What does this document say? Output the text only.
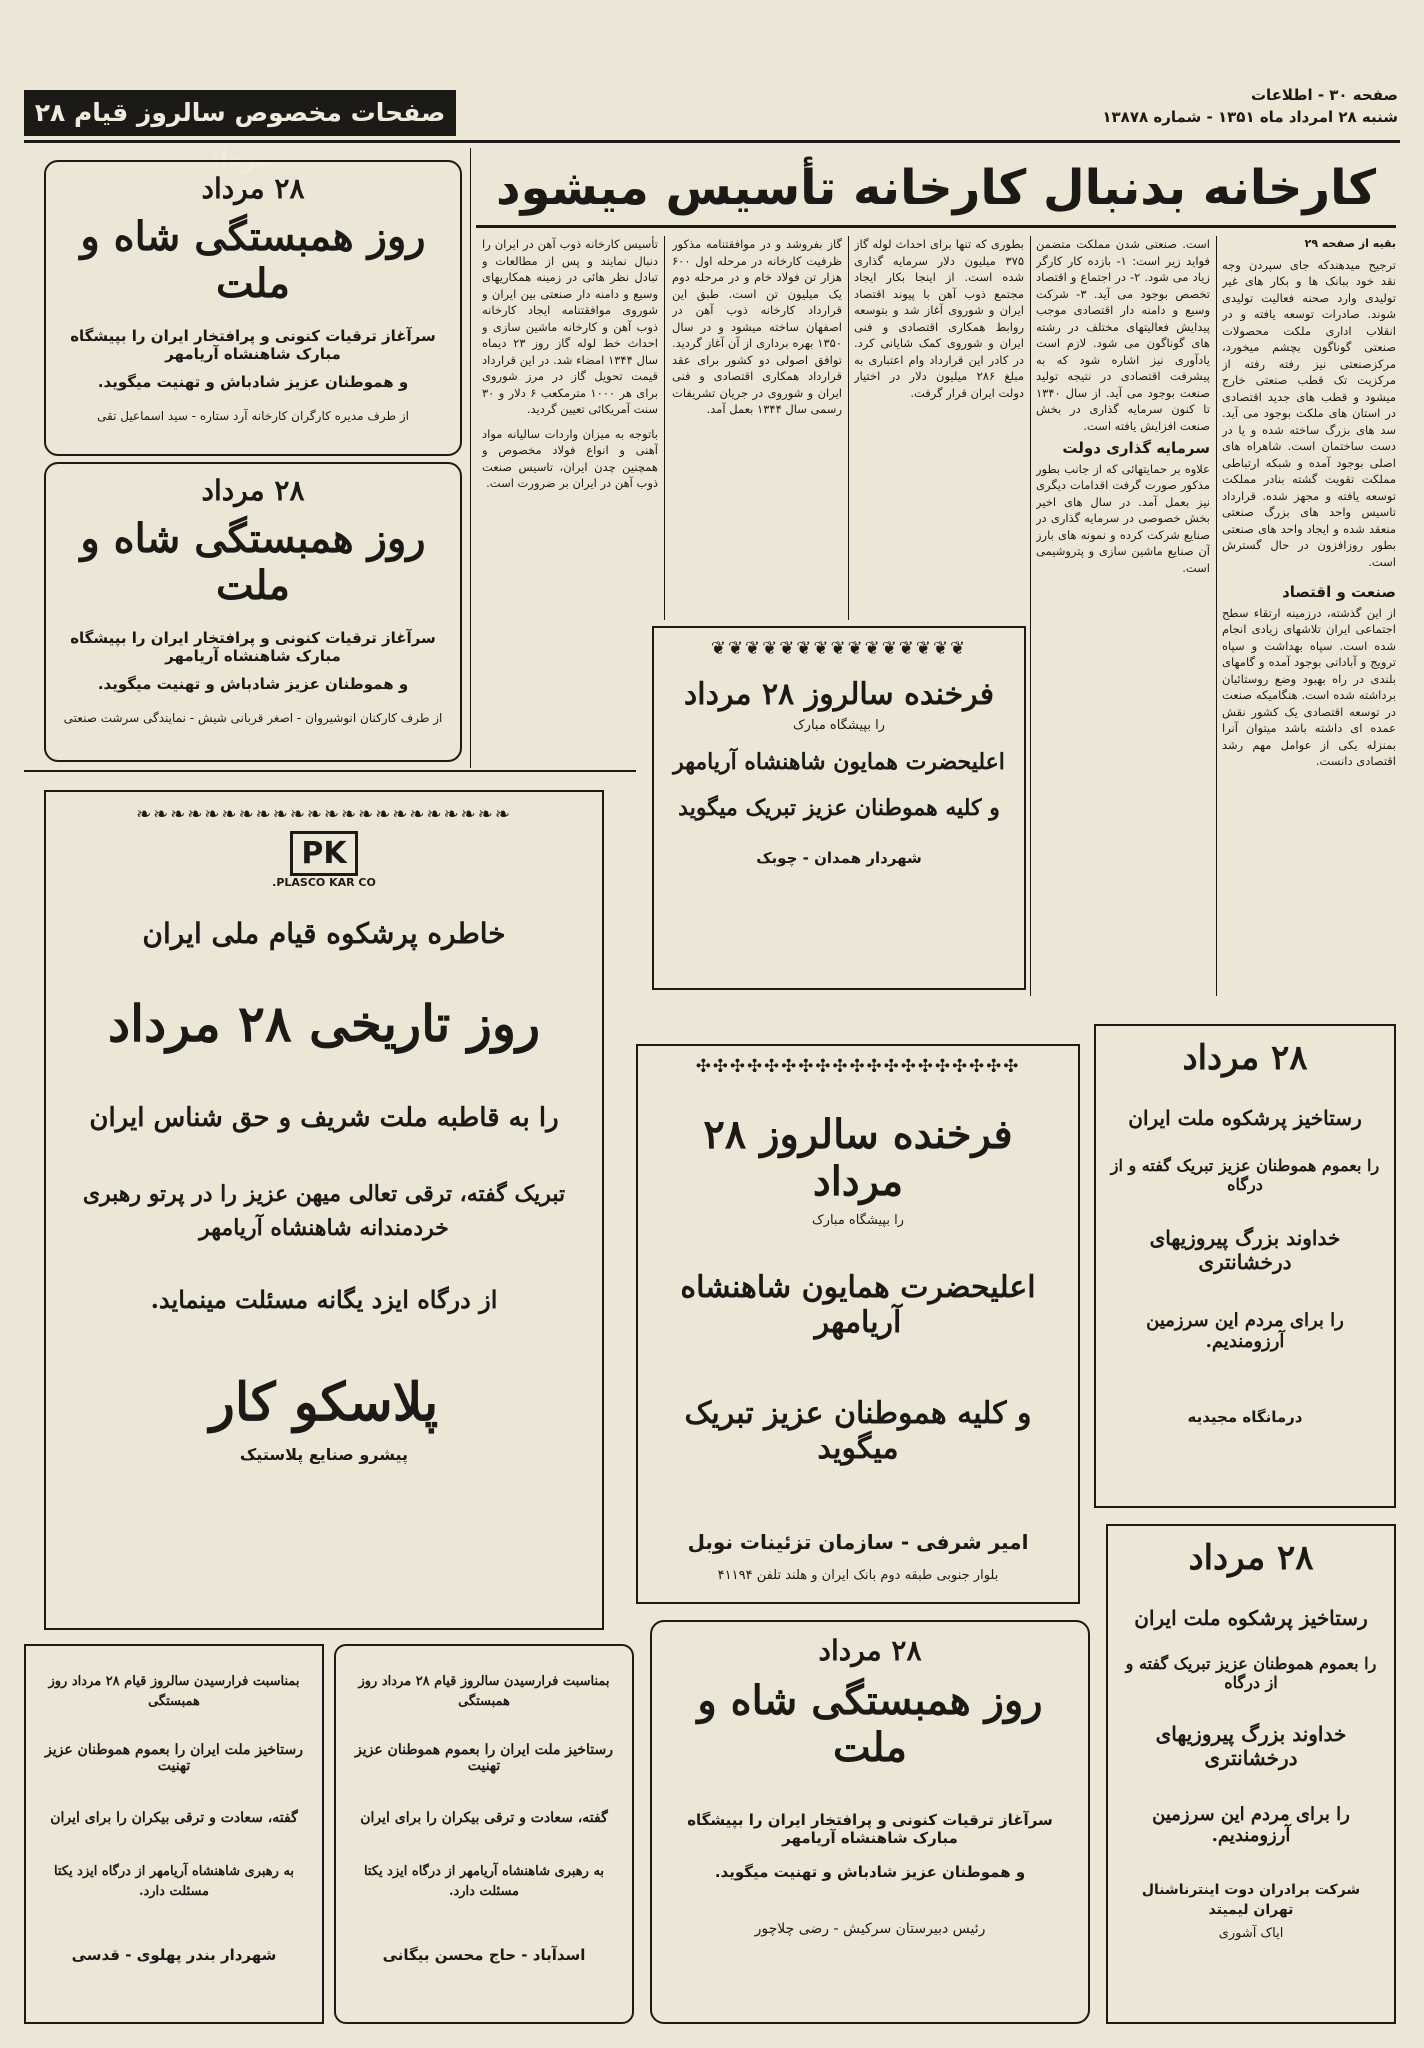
صفحات مخصوص سالروز قیام ۲۸ مرداد
صفحه ۳۰ - اطلاعات
شنبه ۲۸ امرداد ماه ۱۳۵۱ - شماره ۱۳۸۷۸
کارخانه بدنبال کارخانه تأسیس میشود
بقیه از صفحه ۲۹
ترجیح میدهندکه جای سپردن وجه نقد خود ببانک ها و بکار های غیر تولیدی وارد صحنه فعالیت تولیدی شوند. صادرات توسعه یافته و در انقلاب اداری ملکت محصولات صنعتی گوناگون بچشم میخورد، مرکزصنعتی نیز رفته رفته از مرکزیت تک قطب صنعتی خارج میشود و قطب های جدید اقتصادی در استان های ملکت بوجود می آید. سد های بزرگ ساخته شده و یا در دست ساختمان است. شاهراه های اصلی بوجود آمده و شبکه ارتباطی مملکت تقویت گشته بنادر مملکت توسعه یافته و مجهز شده. قرارداد تاسیس واحد های بزرگ صنعتی منعقد شده و ایجاد واحد های صنعتی بطور روزافزون در حال گسترش است.
صنعت و اقتصاد
از این گذشته، درزمینه ارتقاء سطح اجتماعی ایران تلاشهای زیادی انجام شده است. سپاه بهداشت و سپاه ترویج و آبادانی بوجود آمده و گامهای بلندی در راه بهبود وضع روستائیان برداشته شده است. هنگامیکه صنعت در توسعه اقتصادی یک کشور نقش عمده ای داشته باشد میتوان آنرا بمنزله یکی از عوامل مهم رشد اقتصادی دانست.
است. صنعتی شدن مملکت متضمن فواید زیر است: ۱- بازده کار کارگر زیاد می شود. ۲- در اجتماع و اقتصاد تخصص بوجود می آید. ۳- شرکت وسیع و دامنه دار اقتصادی موجب پیدایش فعالیتهای مختلف در رشته های گوناگون می شود. لازم است یادآوری نیز اشاره شود که به پیشرفت اقتصادی در نتیجه تولید صنعت بوجود می آید. از سال ۱۳۴۰ تا کنون سرمایه گذاری در بخش صنعت افزایش یافته است.
سرمایه گذاری دولت
علاوه بر حمایتهائی که از جانب بطور مذکور صورت گرفت اقدامات دیگری نیز بعمل آمد. در سال های اخیر بخش خصوصی در سرمایه گذاری در صنایع شرکت کرده و نمونه های بارز آن صنایع ماشین سازی و پتروشیمی است.
بطوری که تنها برای احداث لوله گاز ۳۷۵ میلیون دلار سرمایه گذاری شده است. از اینجا بکار ایجاد مجتمع ذوب آهن با پیوند اقتصاد ایران و شوروی آغاز شد و بتوسعه روابط همکاری اقتصادی و فنی ایران و شوروی کمک شایانی کرد. در کادر این قرارداد وام اعتباری به مبلغ ۲۸۶ میلیون دلار در اختیار دولت ایران قرار گرفت.
گاز بفروشد و در موافقتنامه مذکور ظرفیت کارخانه در مرحله اول ۶۰۰ هزار تن فولاد خام و در مرحله دوم یک میلیون تن است. طبق این قرارداد کارخانه ذوب آهن در اصفهان ساخته میشود و در سال ۱۳۵۰ بهره برداری از آن آغاز گردید. توافق اصولی دو کشور برای عقد قرارداد همکاری اقتصادی و فنی ایران و شوروی در جریان تشریفات رسمی سال ۱۳۴۴ بعمل آمد.
تأسیس کارخانه ذوب آهن در ایران را دنبال نمایند و پس از مطالعات و تبادل نظر هائی در زمینه همکاریهای وسیع و دامنه دار صنعتی بین ایران و شوروی موافقتنامه ایجاد کارخانه ذوب آهن و کارخانه ماشین سازی و احداث خط لوله گاز روز ۲۳ دیماه سال ۱۳۴۴ امضاء شد. در این قرارداد قیمت تحویل گاز در مرز شوروی برای هر ۱۰۰۰ مترمکعب ۶ دلار و ۳۰ سنت آمریکائی تعیین گردید.
باتوجه به میزان واردات سالیانه مواد آهنی و انواع فولاد مخصوص و همچنین چدن ایران، تاسیس صنعت ذوب آهن در ایران بر ضرورت است.
❦❦❦❦❦❦❦❦❦❦❦❦❦❦❦
فرخنده سالروز ۲۸ مرداد
را بپیشگاه مبارک
اعلیحضرت همایون شاهنشاه آریامهر
و کلیه هموطنان عزیز تبریک میگوید
شهردار همدان - چوبک
۲۸ مرداد
روز همبستگی شاه و ملت
سرآغاز ترقیات کنونی و پرافتخار ایران را بپیشگاه مبارک شاهنشاه آریامهر
و هموطنان عزیز شادباش و تهنیت میگوید.
از طرف مدیره کارگران کارخانه آرد ستاره - سید اسماعیل تقی
۲۸ مرداد
روز همبستگی شاه و ملت
سرآغاز ترقیات کنونی و پرافتخار ایران را بپیشگاه مبارک شاهنشاه آریامهر
و هموطنان عزیز شادباش و تهنیت میگوید.
از طرف کارکنان انوشیروان - اصغر قربانی شیش - نمایندگی سرشت صنعتی
❧❧❧❧❧❧❧❧❧❧❧❧❧❧❧❧❧❧❧❧❧❧
PK
PLASCO KAR CO.
خاطره پرشکوه قیام ملی ایران
روز تاریخی ۲۸ مرداد
را به قاطبه ملت شریف و حق شناس ایران
تبریک گفته، ترقی تعالی میهن عزیز را در پرتو رهبری خردمندانه شاهنشاه آریامهر
از درگاه ایزد یگانه مسئلت مینماید.
پلاسکو کار
پیشرو صنایع پلاستیک
✣✣✣✣✣✣✣✣✣✣✣✣✣✣✣✣✣✣✣
فرخنده سالروز ۲۸ مرداد
را بپیشگاه مبارک
اعلیحضرت همایون شاهنشاه آریامهر
و کلیه هموطنان عزیز تبریک میگوید
امیر شرفی - سازمان تزئینات نوبل
بلوار جنوبی طبقه دوم بانک ایران و هلند تلفن ۴۱۱۹۴
۲۸ مرداد
رستاخیز پرشکوه ملت ایران
را بعموم هموطنان عزیز تبریک گفته و از درگاه
خداوند بزرگ پیروزیهای درخشانتری
را برای مردم این سرزمین آرزومندیم.
درمانگاه مجیدیه
۲۸ مرداد
رستاخیز پرشکوه ملت ایران
را بعموم هموطنان عزیز تبریک گفته و از درگاه
خداوند بزرگ پیروزیهای درخشانتری
را برای مردم این سرزمین آرزومندیم.
شرکت برادران دوت اینترناشنال
تهران لیمیتد
ایاک آشوری
۲۸ مرداد
روز همبستگی شاه و ملت
سرآغاز ترقیات کنونی و پرافتخار ایران را بپیشگاه مبارک شاهنشاه آریامهر
و هموطنان عزیز شادباش و تهنیت میگوید.
رئیس دبیرستان سرکیش - رضی چلاچور
بمناسبت فرارسیدن سالروز قیام ۲۸ مرداد روز همبستگی
رستاخیز ملت ایران را بعموم هموطنان عزیز تهنیت
گفته، سعادت و ترقی بیکران را برای ایران
به رهبری شاهنشاه آریامهر از درگاه ایزد یکتا مسئلت دارد.
شهردار بندر پهلوی - قدسی
بمناسبت فرارسیدن سالروز قیام ۲۸ مرداد روز همبستگی
رستاخیز ملت ایران را بعموم هموطنان عزیز تهنیت
گفته، سعادت و ترقی بیکران را برای ایران
به رهبری شاهنشاه آریامهر از درگاه ایزد یکتا مسئلت دارد.
اسدآباد - حاج محسن بیگانی
